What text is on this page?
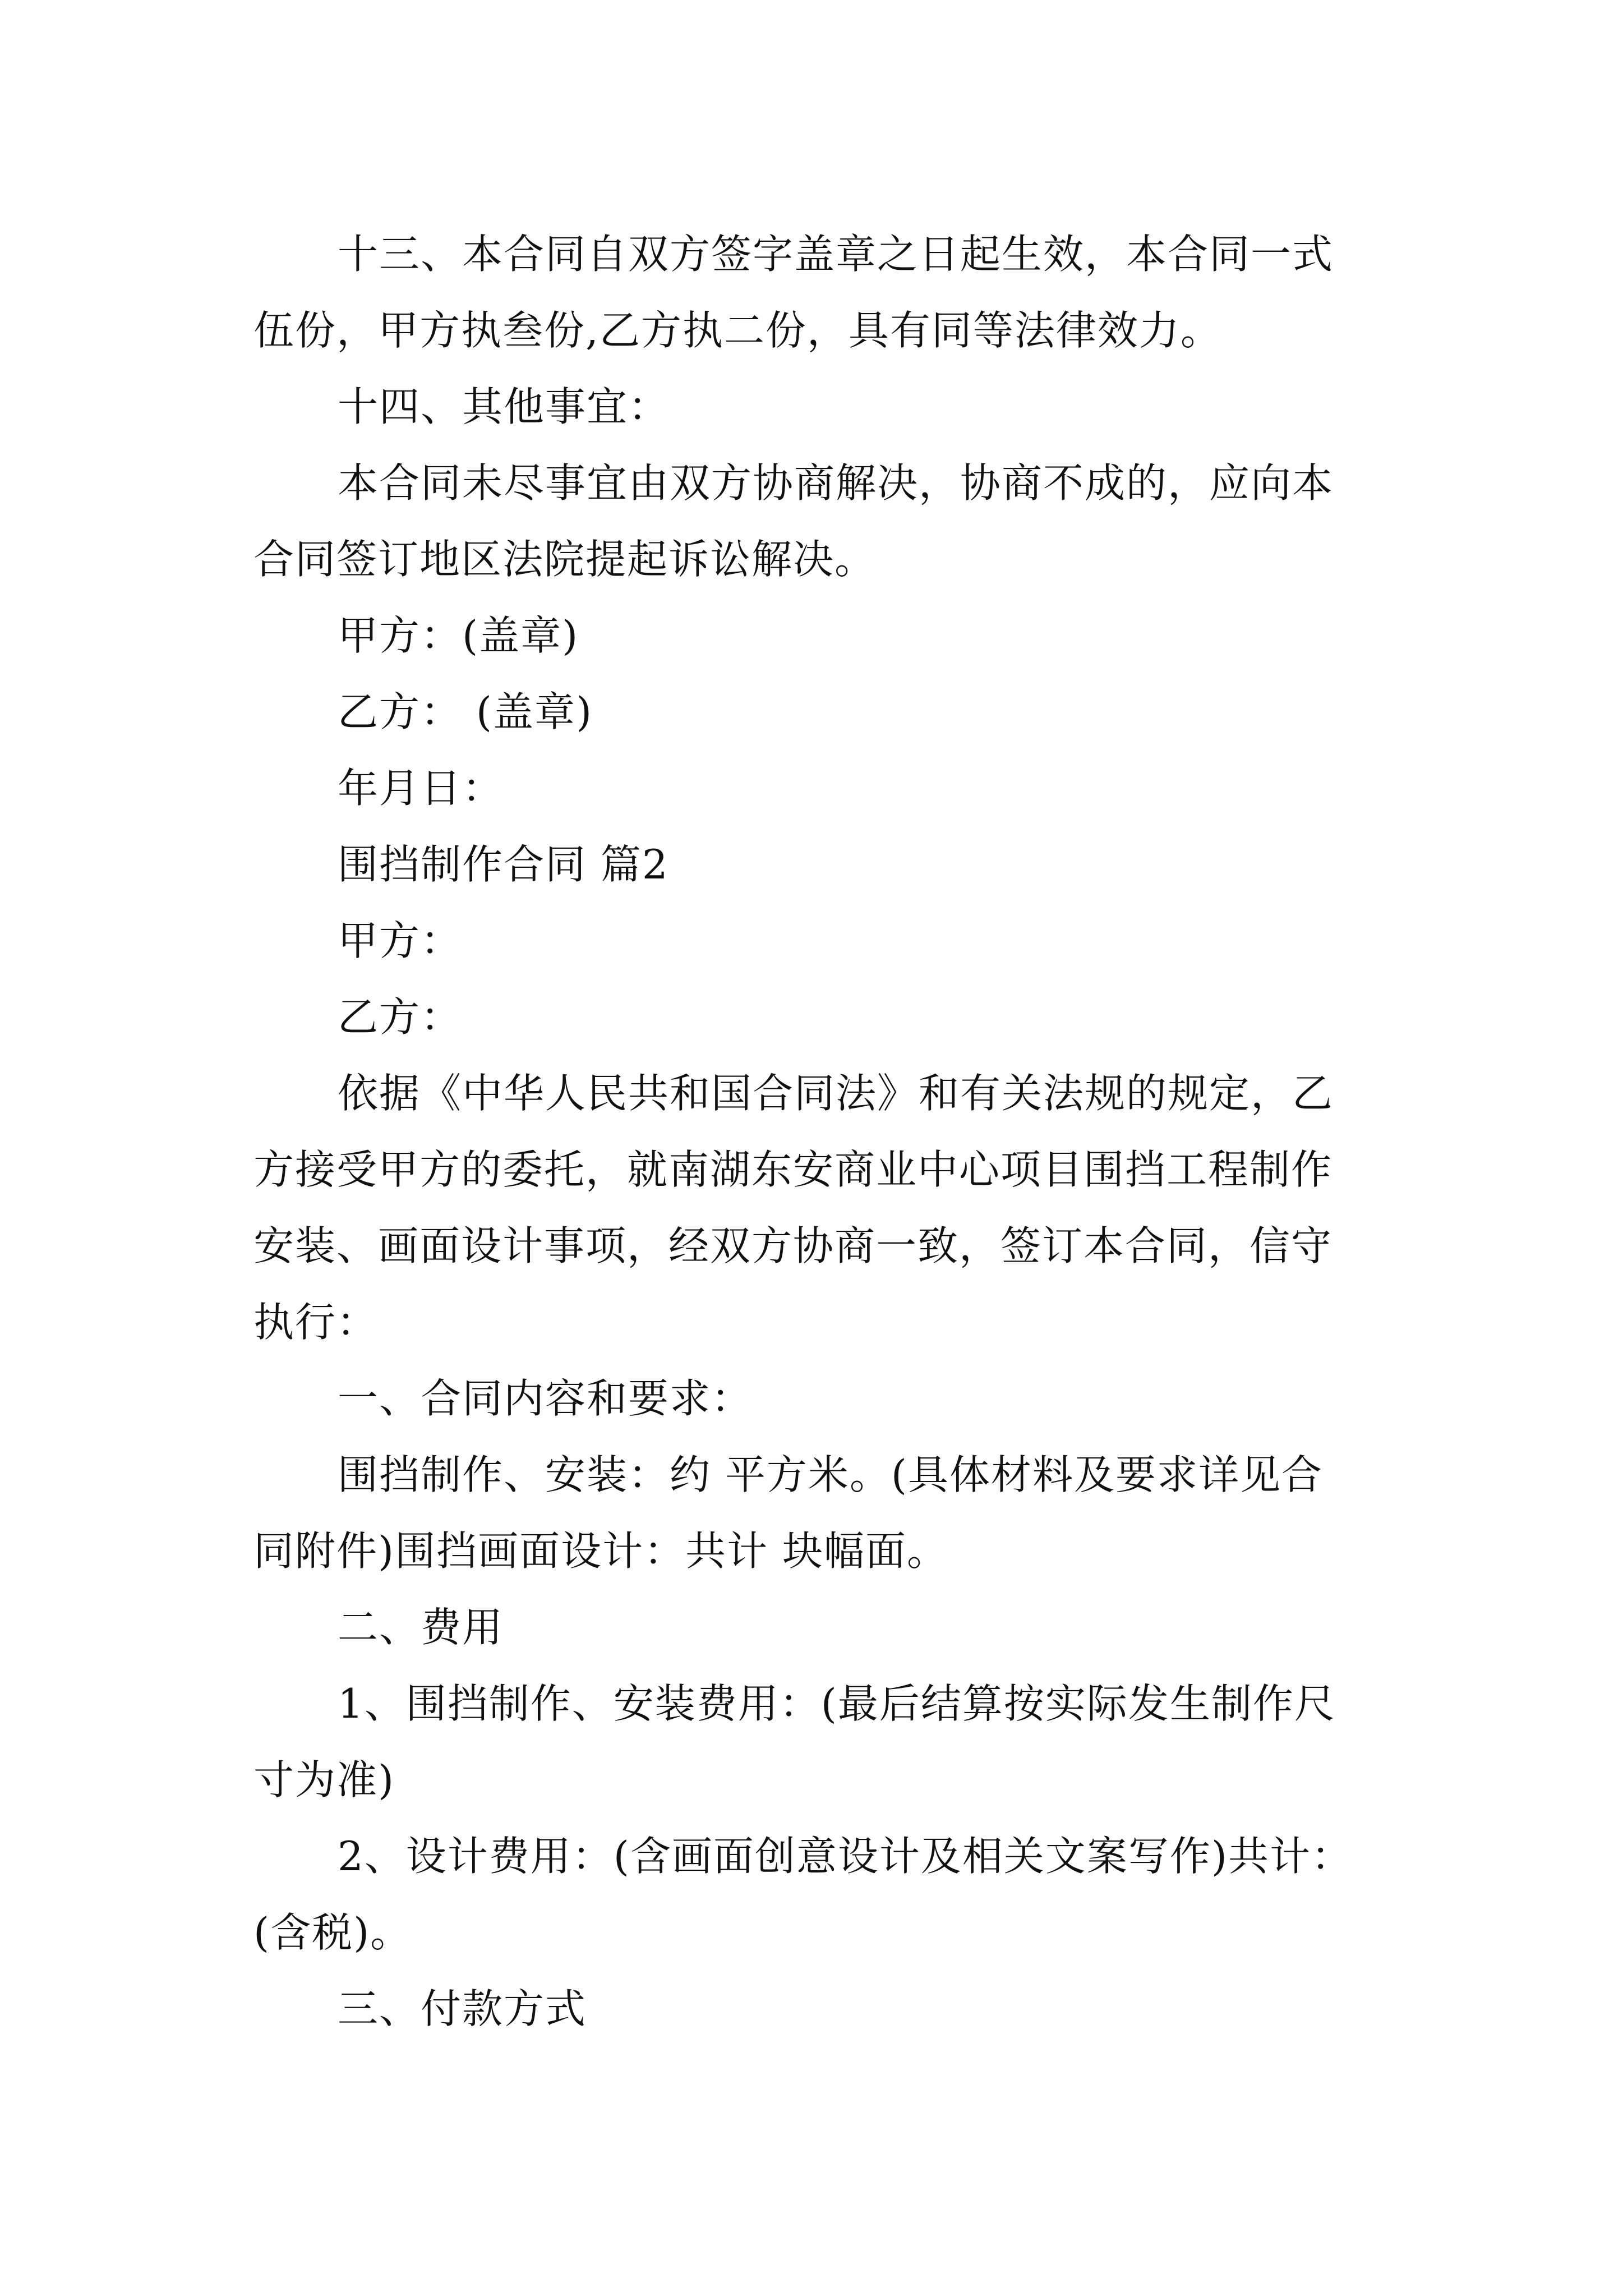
十三、本合同自双方签字盖章之日起生效，本合同一式
伍份，甲方执叁份,乙方执二份，具有同等法律效力。
十四、其他事宜：
本合同未尽事宜由双方协商解决，协商不成的，应向本
合同签订地区法院提起诉讼解决。
甲方：(盖章)
乙方： (盖章)
年月日：
围挡制作合同 篇2
甲方：
乙方：
依据《中华人民共和国合同法》和有关法规的规定，乙
方接受甲方的委托，就南湖东安商业中心项目围挡工程制作
安装、画面设计事项，经双方协商一致，签订本合同，信守
执行：
一、合同内容和要求：
围挡制作、安装：约 平方米。(具体材料及要求详见合
同附件)围挡画面设计：共计 块幅面。
二、费用
1、围挡制作、安装费用：(最后结算按实际发生制作尺
寸为准)
2、设计费用：(含画面创意设计及相关文案写作)共计：
(含税)。
三、付款方式
